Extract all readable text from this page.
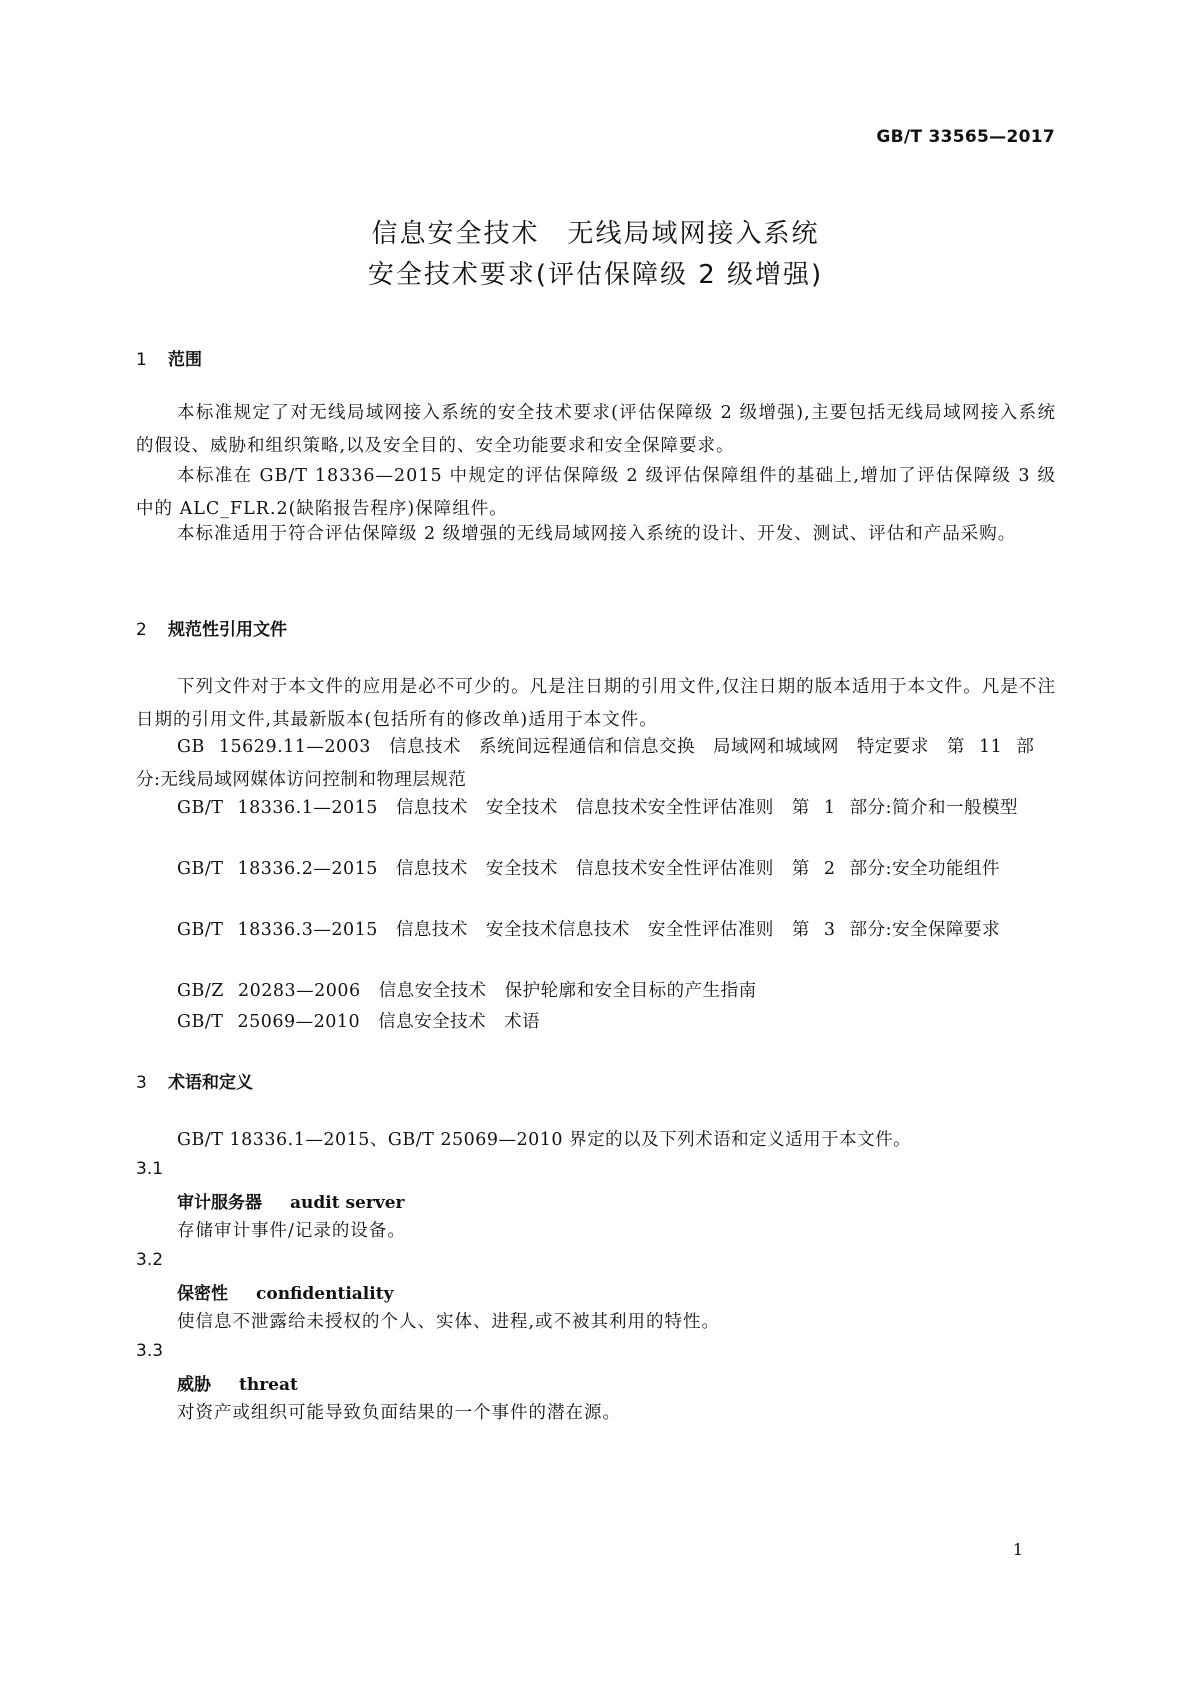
GB/T 33565—2017
信息安全技术　无线局域网接入系统
安全技术要求(评估保障级 2 级增强)
1 范围

本标准规定了对无线局域网接入系统的安全技术要求(评估保障级 2 级增强),主要包括无线局域网接入系统的假设、威胁和组织策略,以及安全目的、安全功能要求和安全保障要求。

本标准在 GB/T 18336—2015 中规定的评估保障级 2 级评估保障组件的基础上,增加了评估保障级 3 级中的 ALC_FLR.2(缺陷报告程序)保障组件。

本标准适用于符合评估保障级 2 级增强的无线局域网接入系统的设计、开发、测试、评估和产品采购。

2 规范性引用文件

下列文件对于本文件的应用是必不可少的。凡是注日期的引用文件,仅注日期的版本适用于本文件。凡是不注日期的引用文件,其最新版本(包括所有的修改单)适用于本文件。

GB 15629.11—2003　信息技术　系统间远程通信和信息交换　局域网和城域网　特定要求　第 11 部分:无线局域网媒体访问控制和物理层规范

GB/T 18336.1—2015　信息技术　安全技术　信息技术安全性评估准则　第 1 部分:简介和一般模型

GB/T 18336.2—2015　信息技术　安全技术　信息技术安全性评估准则　第 2 部分:安全功能组件

GB/T 18336.3—2015　信息技术　安全技术信息技术　安全性评估准则　第 3 部分:安全保障要求

GB/Z 20283—2006　信息安全技术　保护轮廓和安全目标的产生指南

GB/T 25069—2010　信息安全技术　术语

3 术语和定义

GB/T 18336.1—2015、GB/T 25069—2010 界定的以及下列术语和定义适用于本文件。

3.1
审计服务器 audit server
存储审计事件/记录的设备。
3.2
保密性 confidentiality
使信息不泄露给未授权的个人、实体、进程,或不被其利用的特性。
3.3
威胁 threat
对资产或组织可能导致负面结果的一个事件的潜在源。
1
